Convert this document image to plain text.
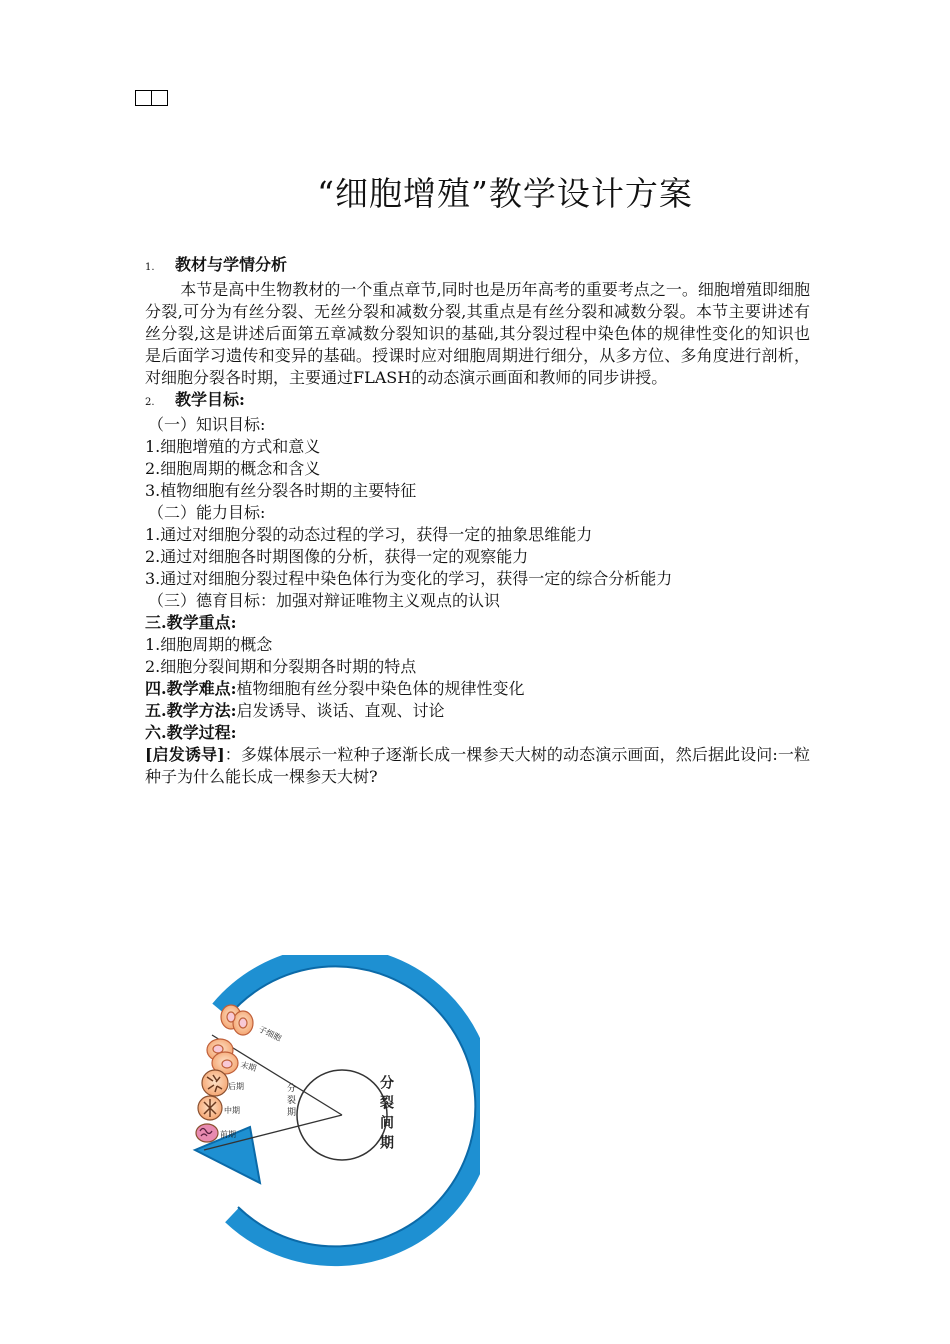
“细胞增殖”教学设计方案

1. 教材与学情分析

本节是高中生物教材的一个重点章节,同时也是历年高考的重要考点之一。细胞增殖即细胞分裂,可分为有丝分裂、无丝分裂和减数分裂,其重点是有丝分裂和减数分裂。本节主要讲述有丝分裂,这是讲述后面第五章减数分裂知识的基础,其分裂过程中染色体的规律性变化的知识也是后面学习遗传和变异的基础。授课时应对细胞周期进行细分，从多方位、多角度进行剖析，对细胞分裂各时期，主要通过FLASH的动态演示画面和教师的同步讲授。

2. 教学目标:

（一）知识目标:

1.细胞增殖的方式和意义

2.细胞周期的概念和含义

3.植物细胞有丝分裂各时期的主要特征

（二）能力目标:

1.通过对细胞分裂的动态过程的学习，获得一定的抽象思维能力

2.通过对细胞各时期图像的分析，获得一定的观察能力

3.通过对细胞分裂过程中染色体行为变化的学习，获得一定的综合分析能力

（三）德育目标：加强对辩证唯物主义观点的认识

三.教学重点:

1.细胞周期的概念

2.细胞分裂间期和分裂期各时期的特点

四.教学难点:植物细胞有丝分裂中染色体的规律性变化

五.教学方法:启发诱导、谈话、直观、讨论

六.教学过程:

[启发诱导]：多媒体展示一粒种子逐渐长成一棵参天大树的动态演示画面，然后据此设问:一粒种子为什么能长成一棵参天大树?

子细胞
末期
后期
中期
前期
分裂期	分裂间期
